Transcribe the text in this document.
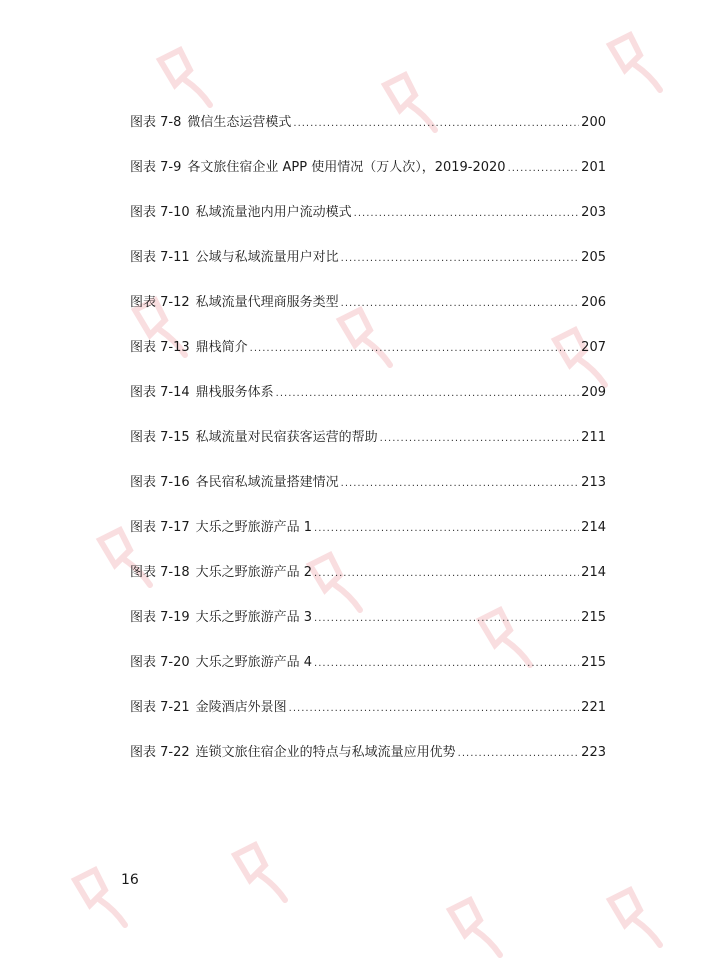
图表 7-8 微信生态运营模式 .....	200
图表 7-9 各文旅住宿企业 APP 使用情况（万人次），2019-2020 .....	201
图表 7-10 私域流量池内用户流动模式 .....	203
图表 7-11 公域与私域流量用户对比 .....	205
图表 7-12 私域流量代理商服务类型 .....	206
图表 7-13 鼎栈简介 .....	207
图表 7-14 鼎栈服务体系 .....	209
图表 7-15 私域流量对民宿获客运营的帮助 .....	211
图表 7-16 各民宿私域流量搭建情况 .....	213
图表 7-17 大乐之野旅游产品 1 .....	214
图表 7-18 大乐之野旅游产品 2 .....	214
图表 7-19 大乐之野旅游产品 3 .....	215
图表 7-20 大乐之野旅游产品 4 .....	215
图表 7-21 金陵酒店外景图 .....	221
图表 7-22 连锁文旅住宿企业的特点与私域流量应用优势 .....	223
16
